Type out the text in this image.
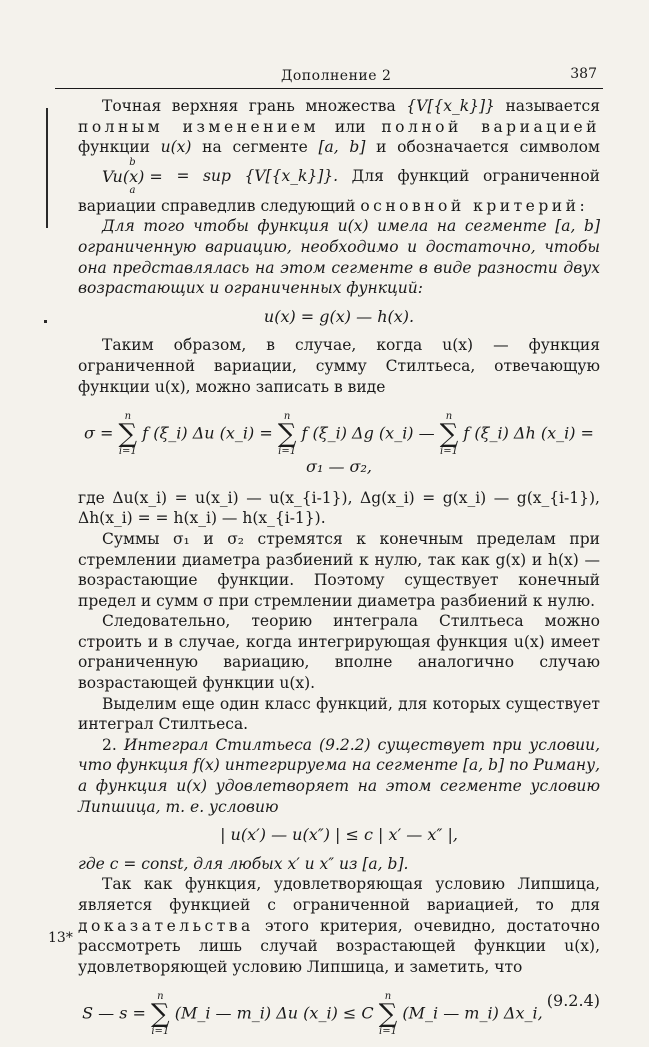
Дополнение 2	387

Точная верхняя грань множества {V[{x_k}]} называется полным изменением или полной вариацией функции u(x) на сегменте [a, b] и обозначается символом
b
Vu(x) =
a
= sup {V[{x_k}]}. Для функций ограниченной вариации справедлив следующий основной критерий:

Для того чтобы функция u(x) имела на сегменте [a, b] ограниченную вариацию, необходимо и достаточно, чтобы она представлялась на этом сегменте в виде разности двух возрастающих и ограниченных функций:

u(x) = g(x) — h(x).

Таким образом, в случае, когда u(x) — функция ограниченной вариации, сумму Стилтьеса, отвечающую функции u(x), можно записать в виде

σ =
n
∑
i=1
f (ξ_i) Δu (x_i) =
n
∑
i=1
f (ξ_i) Δg (x_i) —
n
∑
i=1
f (ξ_i) Δh (x_i) = σ₁ — σ₂,

где Δu(x_i) = u(x_i) — u(x_{i-1}), Δg(x_i) = g(x_i) — g(x_{i-1}), Δh(x_i) = = h(x_i) — h(x_{i-1}).

Суммы σ₁ и σ₂ стремятся к конечным пределам при стремлении диаметра разбиений к нулю, так как g(x) и h(x) — возрастающие функции. Поэтому существует конечный предел и сумм σ при стремлении диаметра разбиений к нулю.

Следовательно, теорию интеграла Стилтьеса можно строить и в случае, когда интегрирующая функция u(x) имеет ограниченную вариацию, вполне аналогично случаю возрастающей функции u(x).

Выделим еще один класс функций, для которых существует интеграл Стилтьеса.

2. Интеграл Стилтьеса (9.2.2) существует при условии, что функция f(x) интегрируема на сегменте [a, b] по Риману, а функция u(x) удовлетворяет на этом сегменте условию Липшица, т. е. условию

| u(x′) — u(x″) | ≤ c | x′ — x″ |,

где c = const, для любых x′ и x″ из [a, b].

Так как функция, удовлетворяющая условию Липшица, является функцией с ограниченной вариацией, то для доказательства этого критерия, очевидно, достаточно рассмотреть лишь случай возрастающей функции u(x), удовлетворяющей условию Липшица, и заметить, что

S — s =
n
∑
i=1
(M_i — m_i) Δu (x_i) ≤ C
n
∑
i=1
(M_i — m_i) Δx_i,
(9.2.4)
13*
